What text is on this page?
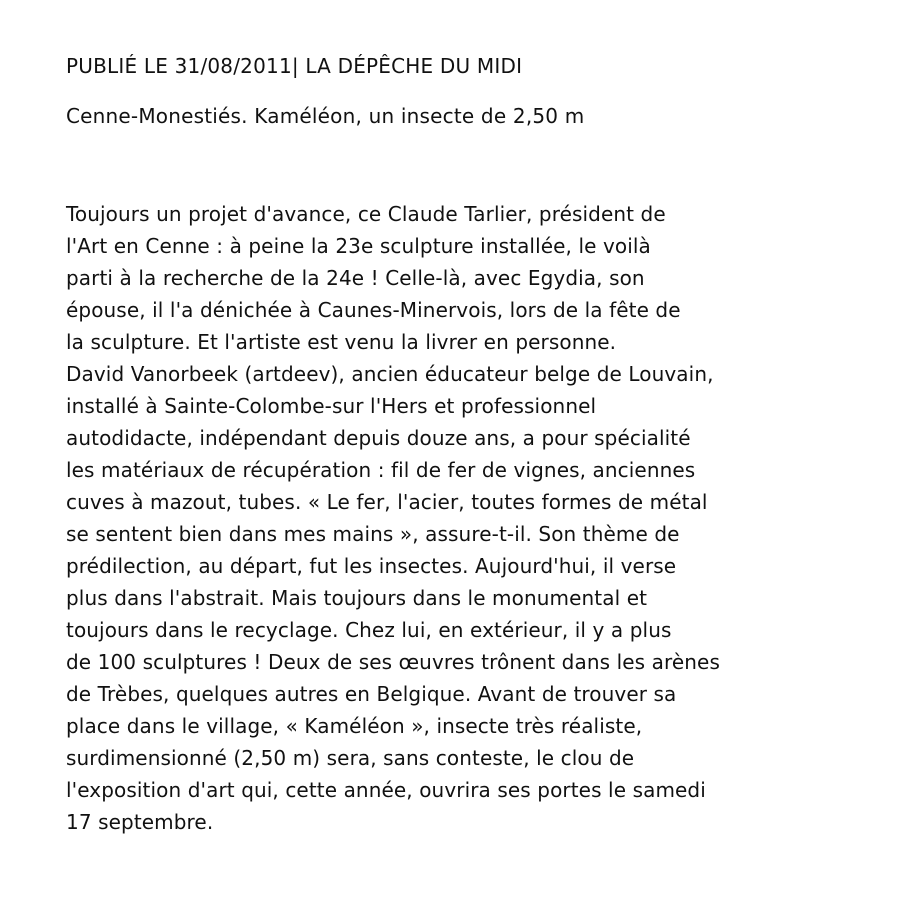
PUBLIÉ LE 31/08/2011| LA DÉPÊCHE DU MIDI
Cenne-Monestiés. Kaméléon, un insecte de 2,50 m
Toujours un projet d'avance, ce Claude Tarlier, président de
l'Art en Cenne : à peine la 23e sculpture installée, le voilà
parti à la recherche de la 24e ! Celle-là, avec Egydia, son
épouse, il l'a dénichée à Caunes-Minervois, lors de la fête de
la sculpture. Et l'artiste est venu la livrer en personne.
David Vanorbeek (artdeev), ancien éducateur belge de Louvain,
installé à Sainte-Colombe-sur l'Hers et professionnel
autodidacte, indépendant depuis douze ans, a pour spécialité
les matériaux de récupération : fil de fer de vignes, anciennes
cuves à mazout, tubes. « Le fer, l'acier, toutes formes de métal
se sentent bien dans mes mains », assure-t-il. Son thème de
prédilection, au départ, fut les insectes. Aujourd'hui, il verse
plus dans l'abstrait. Mais toujours dans le monumental et
toujours dans le recyclage. Chez lui, en extérieur, il y a plus
de 100 sculptures ! Deux de ses œuvres trônent dans les arènes
de Trèbes, quelques autres en Belgique. Avant de trouver sa
place dans le village, « Kaméléon », insecte très réaliste,
surdimensionné (2,50 m) sera, sans conteste, le clou de
l'exposition d'art qui, cette année, ouvrira ses portes le samedi
17 septembre.
